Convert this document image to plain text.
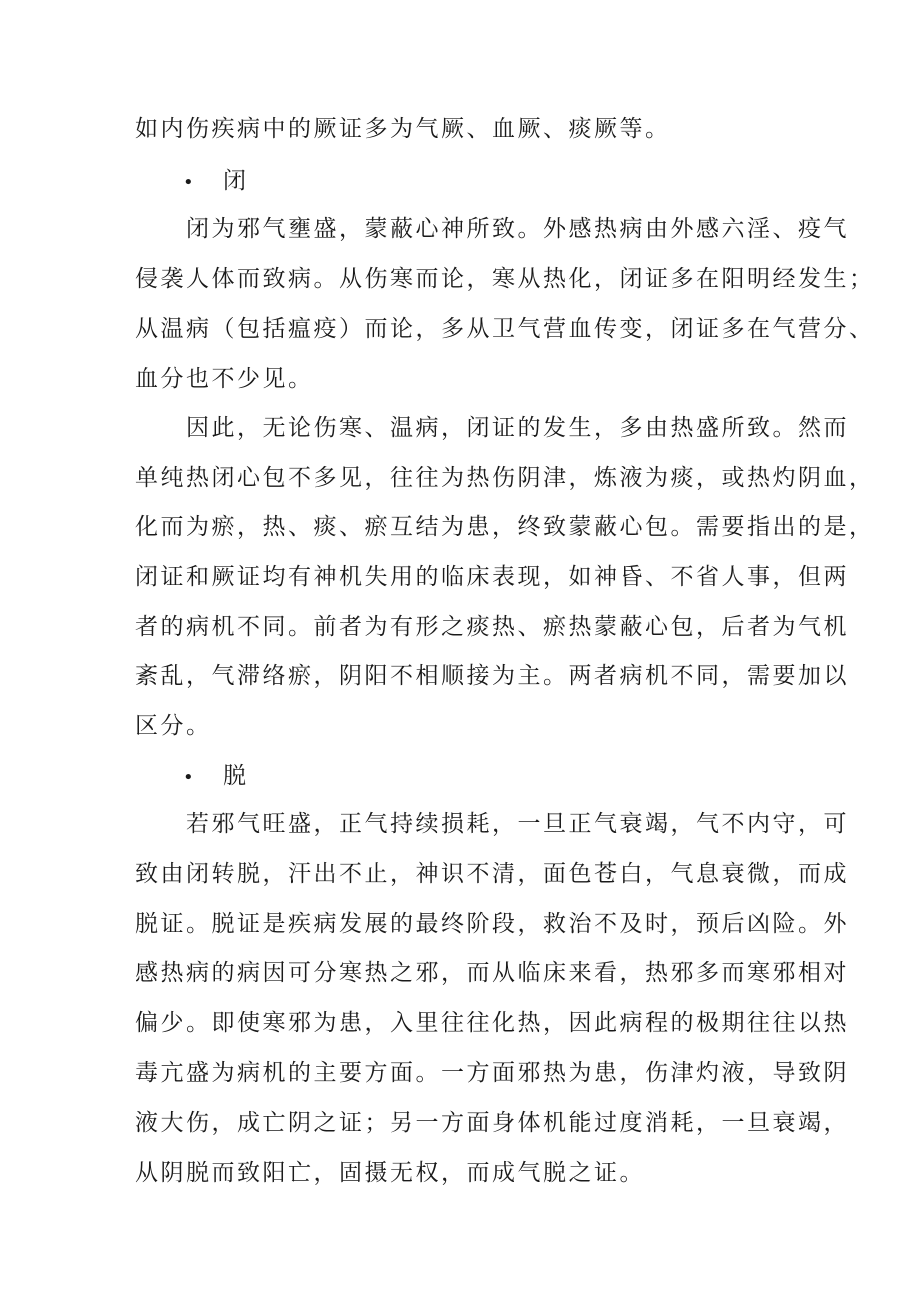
如内伤疾病中的厥证多为气厥、血厥、痰厥等。
• 闭
闭为邪气壅盛，蒙蔽心神所致。外感热病由外感六淫、疫气
侵袭人体而致病。从伤寒而论，寒从热化，闭证多在阳明经发生；
从温病（包括瘟疫）而论，多从卫气营血传变，闭证多在气营分、
血分也不少见。
因此，无论伤寒、温病，闭证的发生，多由热盛所致。然而
单纯热闭心包不多见，往往为热伤阴津，炼液为痰，或热灼阴血，
化而为瘀，热、痰、瘀互结为患，终致蒙蔽心包。需要指出的是，
闭证和厥证均有神机失用的临床表现，如神昏、不省人事，但两
者的病机不同。前者为有形之痰热、瘀热蒙蔽心包，后者为气机
紊乱，气滞络瘀，阴阳不相顺接为主。两者病机不同，需要加以
区分。
• 脱
若邪气旺盛，正气持续损耗，一旦正气衰竭，气不内守，可
致由闭转脱，汗出不止，神识不清，面色苍白，气息衰微，而成
脱证。脱证是疾病发展的最终阶段，救治不及时，预后凶险。外
感热病的病因可分寒热之邪，而从临床来看，热邪多而寒邪相对
偏少。即使寒邪为患，入里往往化热，因此病程的极期往往以热
毒亢盛为病机的主要方面。一方面邪热为患，伤津灼液，导致阴
液大伤，成亡阴之证；另一方面身体机能过度消耗，一旦衰竭，
从阴脱而致阳亡，固摄无权，而成气脱之证。
